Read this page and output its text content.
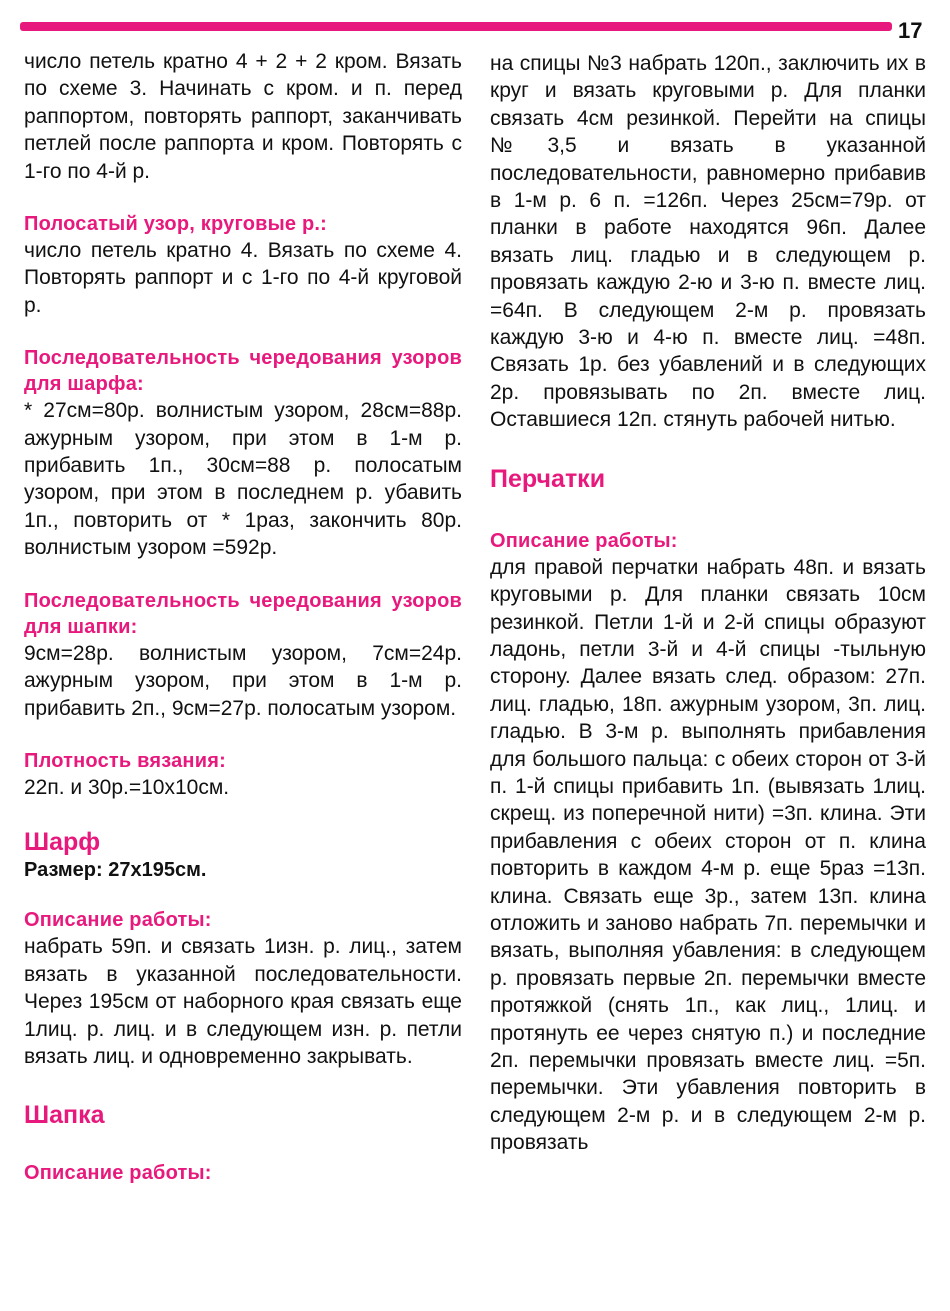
17

число петель кратно 4 + 2 + 2 кром. Вязать по схеме 3. Начинать с кром. и п. перед раппортом, повторять раппорт, заканчивать петлей после раппорта и кром. Повторять с 1-го по 4-й р.

Полосатый узор, круговые р.:

число петель кратно 4. Вязать по схеме 4. Повторять раппорт и с 1-го по 4-й круговой р.

Последовательность чередования узоров для шарфа:

* 27см=80р. волнистым узором, 28см=88р. ажурным узором, при этом в 1-м р. прибавить 1п., 30см=88 р. полосатым узором, при этом в последнем р. убавить 1п., повторить от * 1раз, закончить 80р. волнистым узором =592р.

Последовательность чередования узоров для шапки:

9см=28р. волнистым узором, 7см=24р. ажурным узором, при этом в 1-м р. прибавить 2п., 9см=27р. полосатым узором.

Плотность вязания:

22п. и 30р.=10х10см.

Шарф

Размер: 27х195см.

Описание работы:

набрать 59п. и связать 1изн. р. лиц., затем вязать в указанной последовательности. Через 195см от наборного края связать еще 1лиц. р. лиц. и в следующем изн. р. петли вязать лиц. и одновременно закрывать.

Шапка

Описание работы:

на спицы №3 набрать 120п., заключить их в круг и вязать круговыми р. Для планки связать 4см резинкой. Перейти на спицы №3,5 и вязать в указанной последовательности, равномерно прибавив в 1-м р. 6 п. =126п. Через 25см=79р. от планки в работе находятся 96п. Далее вязать лиц. гладью и в следующем р. провязать каждую 2-ю и 3-ю п. вместе лиц. =64п. В следующем 2-м р. провязать каждую 3-ю и 4-ю п. вместе лиц. =48п. Связать 1р. без убавлений и в следующих 2р. провязывать по 2п. вместе лиц. Оставшиеся 12п. стянуть рабочей нитью.

Перчатки

Описание работы:

для правой перчатки набрать 48п. и вязать круговыми р. Для планки связать 10см резинкой. Петли 1-й и 2-й спицы образуют ладонь, петли 3-й и 4-й спицы -тыльную сторону. Далее вязать след. образом: 27п. лиц. гладью, 18п. ажурным узором, 3п. лиц. гладью. В 3-м р. выполнять прибавления для большого пальца: с обеих сторон от 3-й п. 1-й спицы прибавить 1п. (вывязать 1лиц. скрещ. из поперечной нити) =3п. клина. Эти прибавления с обеих сторон от п. клина повторить в каждом 4-м р. еще 5раз =13п. клина. Связать еще 3р., затем 13п. клина отложить и заново набрать 7п. перемычки и вязать, выполняя убавления: в следующем р. провязать первые 2п. перемычки вместе протяжкой (снять 1п., как лиц., 1лиц. и протянуть ее через снятую п.) и последние 2п. перемычки провязать вместе лиц. =5п. перемычки. Эти убавления повторить в следующем 2-м р. и в следующем 2-м р. провязать
